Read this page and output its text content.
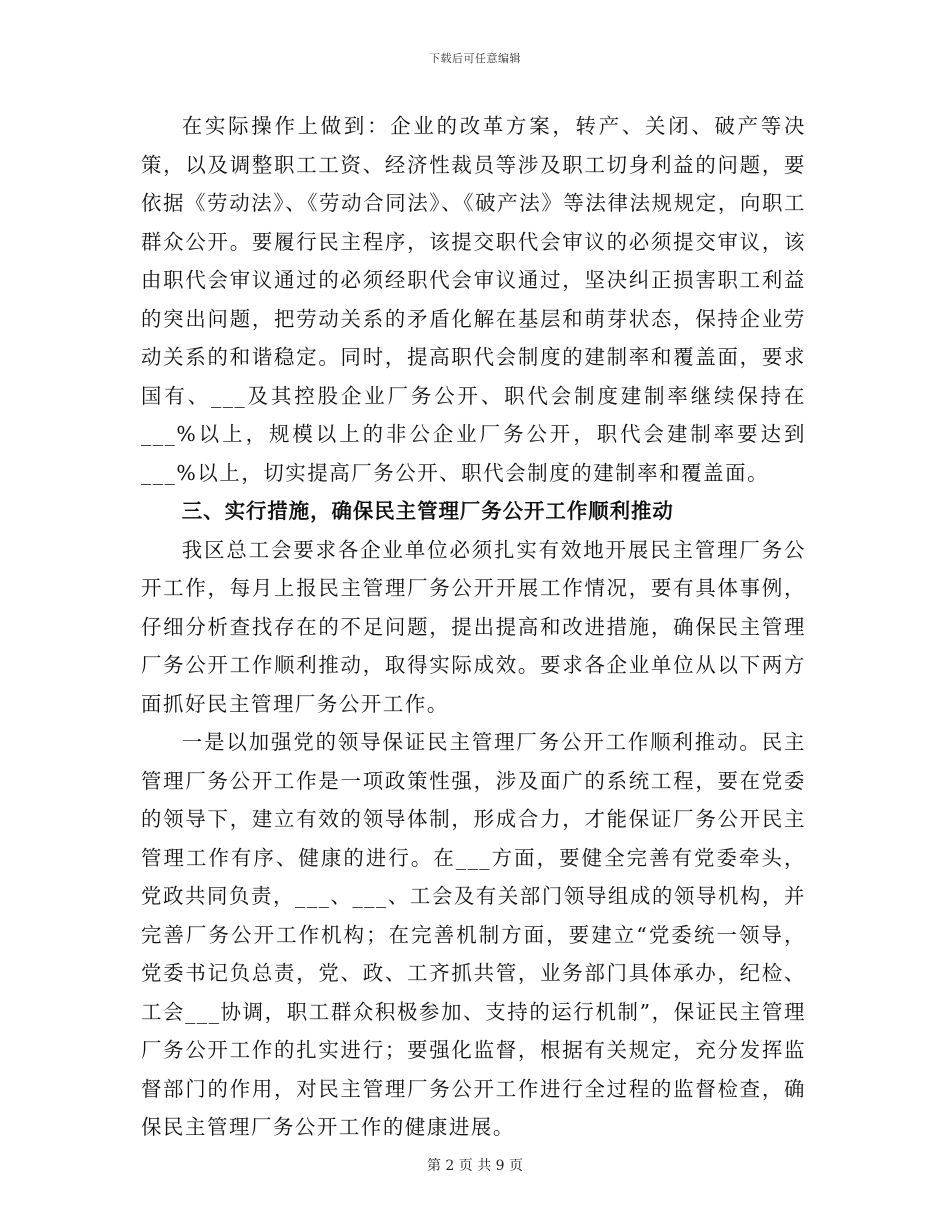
下载后可任意编辑

在实际操作上做到：企业的改革方案，转产、关闭、破产等决策，以及调整职工工资、经济性裁员等涉及职工切身利益的问题，要依据《劳动法》、《劳动合同法》、《破产法》等法律法规规定，向职工群众公开。要履行民主程序，该提交职代会审议的必须提交审议，该由职代会审议通过的必须经职代会审议通过，坚决纠正损害职工利益的突出问题，把劳动关系的矛盾化解在基层和萌芽状态，保持企业劳动关系的和谐稳定。同时，提高职代会制度的建制率和覆盖面，要求国有、___及其控股企业厂务公开、职代会制度建制率继续保持在___%以上，规模以上的非公企业厂务公开，职代会建制率要达到___%以上，切实提高厂务公开、职代会制度的建制率和覆盖面。

三、实行措施，确保民主管理厂务公开工作顺利推动

我区总工会要求各企业单位必须扎实有效地开展民主管理厂务公开工作，每月上报民主管理厂务公开开展工作情况，要有具体事例，仔细分析查找存在的不足问题，提出提高和改进措施，确保民主管理厂务公开工作顺利推动，取得实际成效。要求各企业单位从以下两方面抓好民主管理厂务公开工作。

一是以加强党的领导保证民主管理厂务公开工作顺利推动。民主管理厂务公开工作是一项政策性强，涉及面广的系统工程，要在党委的领导下，建立有效的领导体制，形成合力，才能保证厂务公开民主管理工作有序、健康的进行。在___方面，要健全完善有党委牵头，党政共同负责，___、___、工会及有关部门领导组成的领导机构，并完善厂务公开工作机构；在完善机制方面，要建立“党委统一领导，党委书记负总责，党、政、工齐抓共管，业务部门具体承办，纪检、工会___协调，职工群众积极参加、支持的运行机制”，保证民主管理厂务公开工作的扎实进行；要强化监督，根据有关规定，充分发挥监督部门的作用，对民主管理厂务公开工作进行全过程的监督检查，确保民主管理厂务公开工作的健康进展。

第 2 页 共 9 页
